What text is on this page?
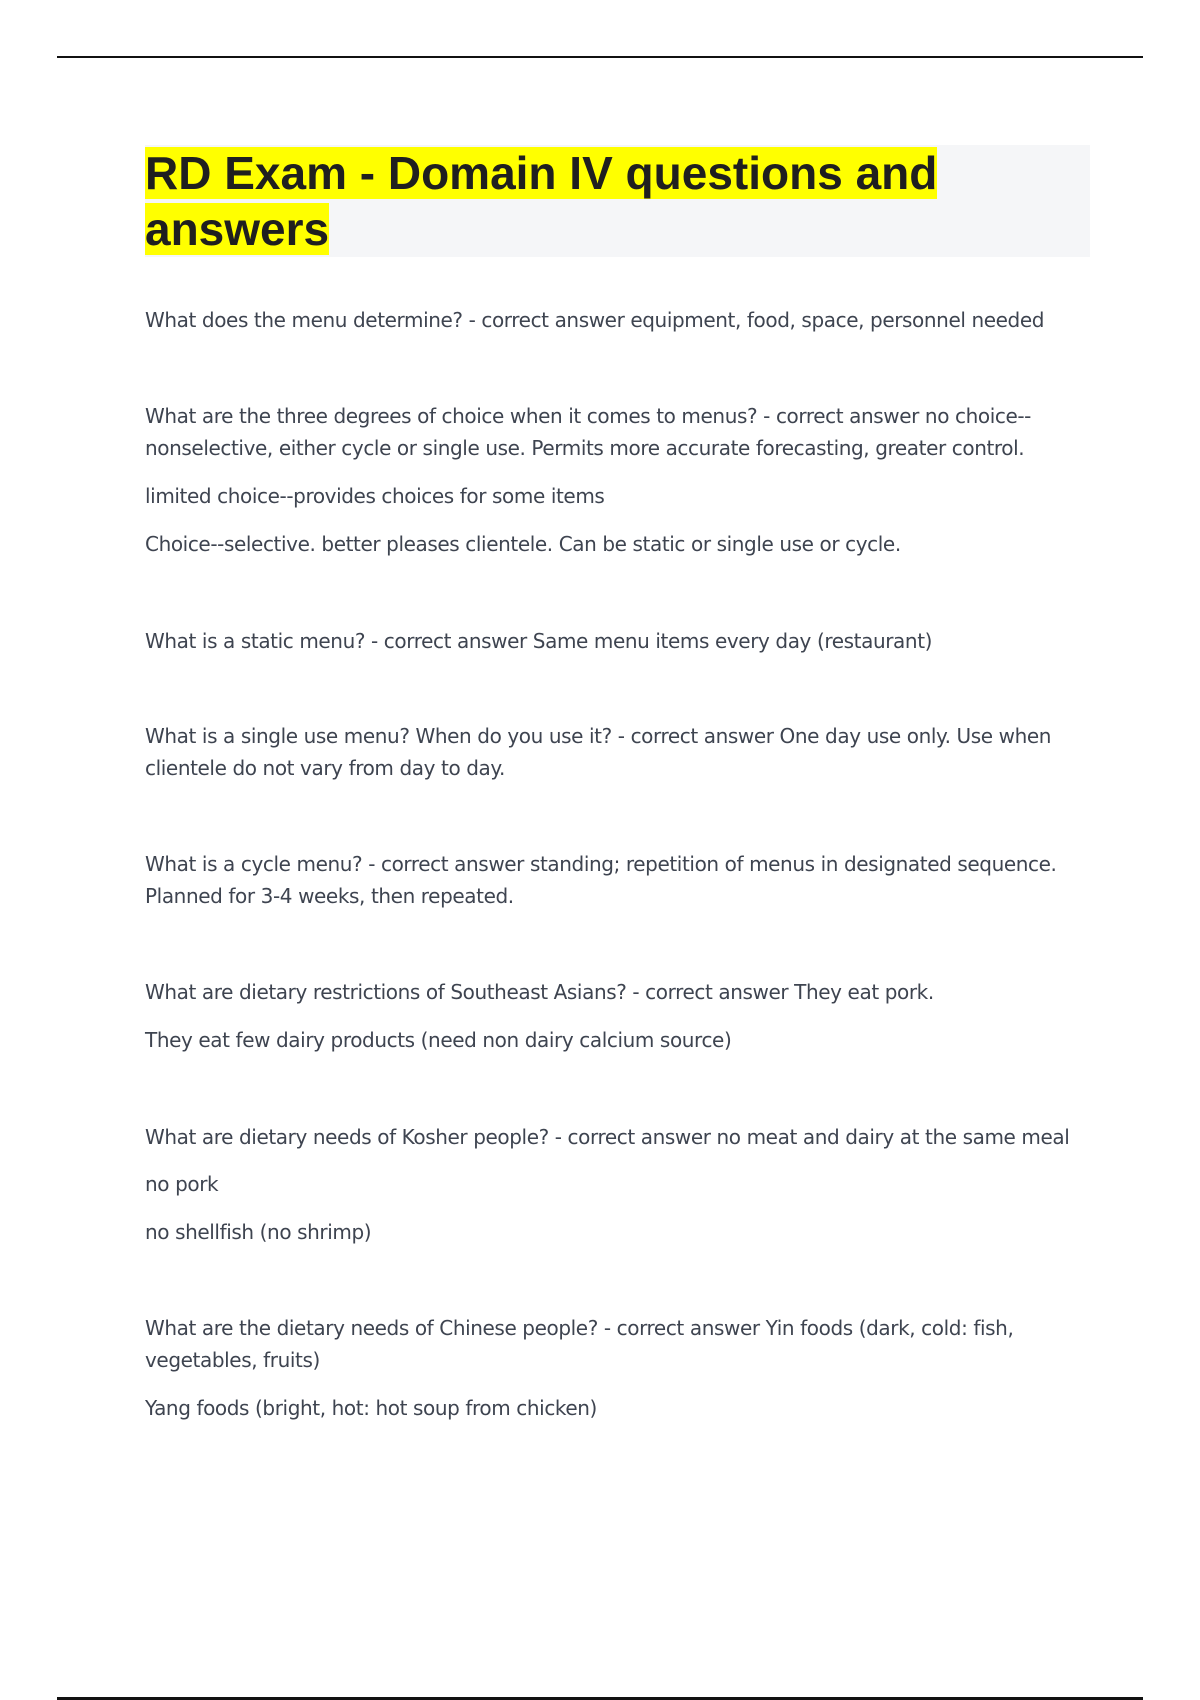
RD Exam - Domain IV questions and
answers

What does the menu determine? - correct answer equipment, food, space, personnel needed

What are the three degrees of choice when it comes to menus? - correct answer no choice--

nonselective, either cycle or single use. Permits more accurate forecasting, greater control.

limited choice--provides choices for some items

Choice--selective. better pleases clientele. Can be static or single use or cycle.

What is a static menu? - correct answer Same menu items every day (restaurant)

What is a single use menu? When do you use it? - correct answer One day use only. Use when

clientele do not vary from day to day.

What is a cycle menu? - correct answer standing; repetition of menus in designated sequence.

Planned for 3-4 weeks, then repeated.

What are dietary restrictions of Southeast Asians? - correct answer They eat pork.

They eat few dairy products (need non dairy calcium source)

What are dietary needs of Kosher people? - correct answer no meat and dairy at the same meal

no pork

no shellfish (no shrimp)

What are the dietary needs of Chinese people? - correct answer Yin foods (dark, cold: fish,

vegetables, fruits)

Yang foods (bright, hot: hot soup from chicken)
